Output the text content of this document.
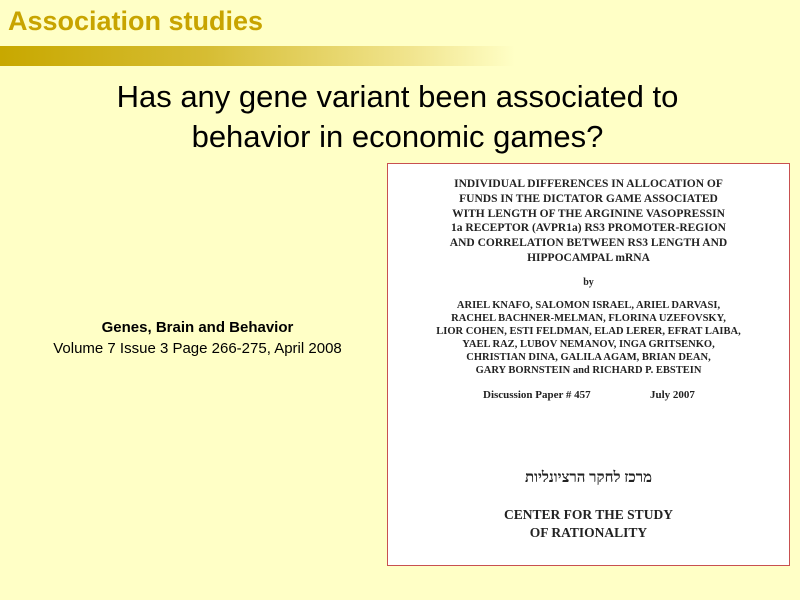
Association studies
Has any gene variant been associated to
behavior in economic games?
Genes, Brain and Behavior
Volume 7 Issue 3 Page 266-275, April 2008
INDIVIDUAL DIFFERENCES IN ALLOCATION OF
FUNDS IN THE DICTATOR GAME ASSOCIATED
WITH LENGTH OF THE ARGININE VASOPRESSIN
1a RECEPTOR (AVPR1a) RS3 PROMOTER-REGION
AND CORRELATION BETWEEN RS3 LENGTH AND
HIPPOCAMPAL mRNA
by
ARIEL KNAFO, SALOMON ISRAEL, ARIEL DARVASI,
RACHEL BACHNER-MELMAN, FLORINA UZEFOVSKY,
LIOR COHEN, ESTI FELDMAN, ELAD LERER, EFRAT LAIBA,
YAEL RAZ, LUBOV NEMANOV, INGA GRITSENKO,
CHRISTIAN DINA, GALILA AGAM, BRIAN DEAN,
GARY BORNSTEIN and RICHARD P. EBSTEIN
Discussion Paper # 457	July 2007
מרכז לחקר הרציונליות
CENTER FOR THE STUDY
OF RATIONALITY
